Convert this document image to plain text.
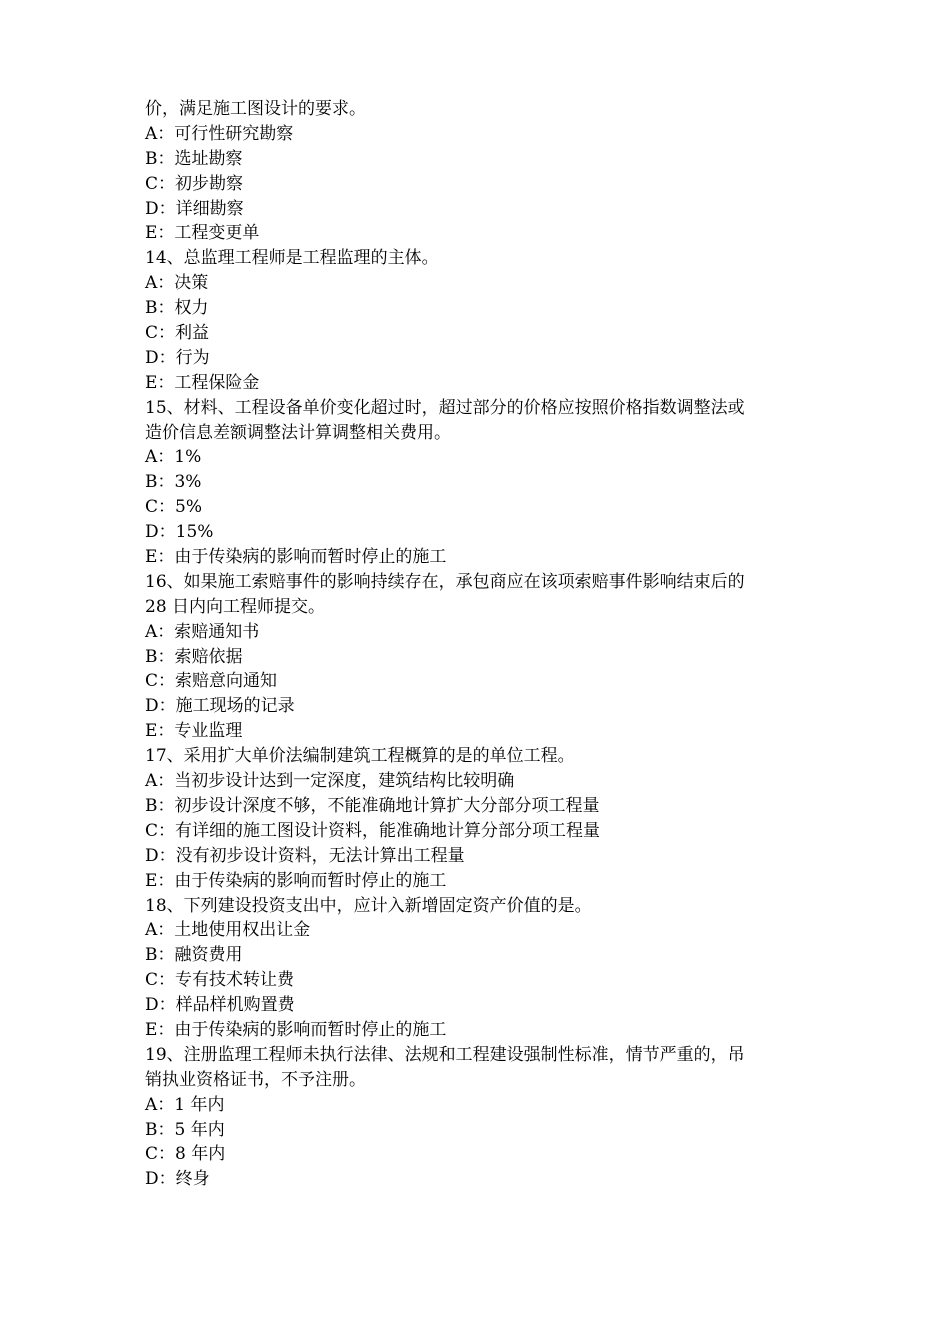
价，满足施工图设计的要求。
A：可行性研究勘察
B：选址勘察
C：初步勘察
D：详细勘察
E：工程变更单
14、总监理工程师是工程监理的主体。
A：决策
B：权力
C：利益
D：行为
E：工程保险金
15、材料、工程设备单价变化超过时，超过部分的价格应按照价格指数调整法或
造价信息差额调整法计算调整相关费用。
A：1%
B：3%
C：5%
D：15%
E：由于传染病的影响而暂时停止的施工
16、如果施工索赔事件的影响持续存在，承包商应在该项索赔事件影响结束后的
28 日内向工程师提交。
A：索赔通知书
B：索赔依据
C：索赔意向通知
D：施工现场的记录
E：专业监理
17、采用扩大单价法编制建筑工程概算的是的单位工程。
A：当初步设计达到一定深度，建筑结构比较明确
B：初步设计深度不够，不能准确地计算扩大分部分项工程量
C：有详细的施工图设计资料，能准确地计算分部分项工程量
D：没有初步设计资料，无法计算出工程量
E：由于传染病的影响而暂时停止的施工
18、下列建设投资支出中，应计入新增固定资产价值的是。
A：土地使用权出让金
B：融资费用
C：专有技术转让费
D：样品样机购置费
E：由于传染病的影响而暂时停止的施工
19、注册监理工程师未执行法律、法规和工程建设强制性标准，情节严重的，吊
销执业资格证书，不予注册。
A：1 年内
B：5 年内
C：8 年内
D：终身
